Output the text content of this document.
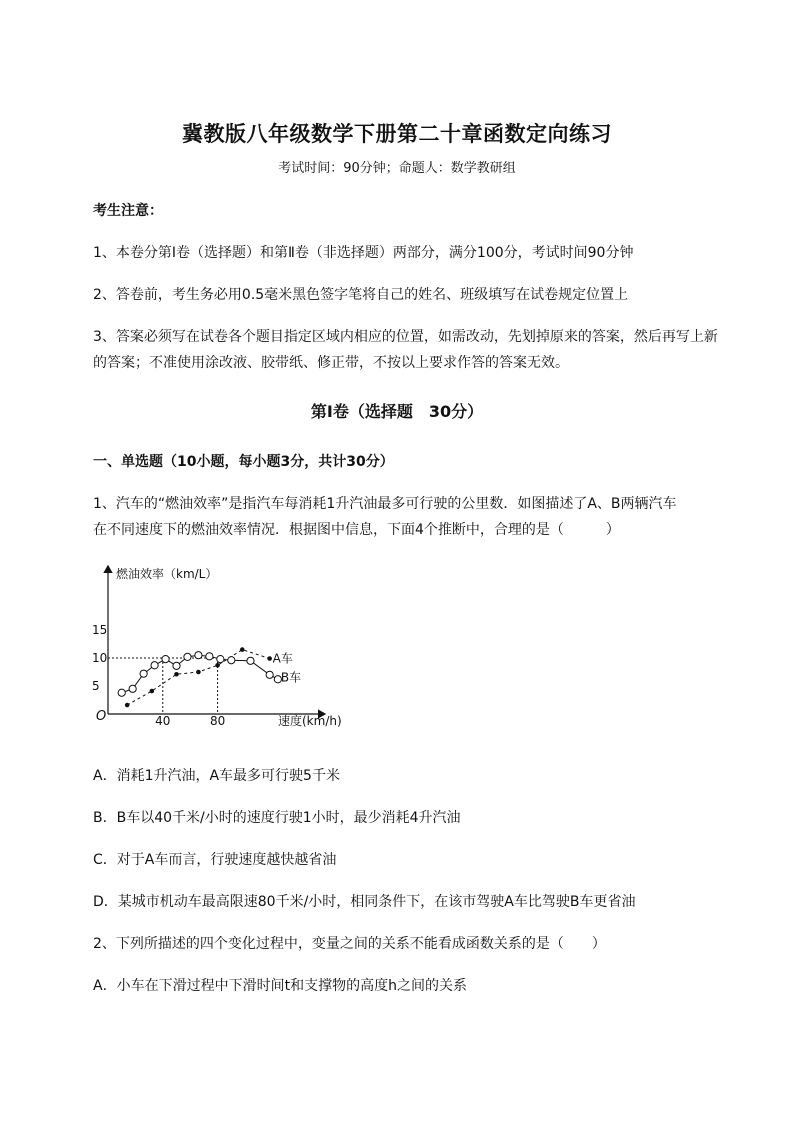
冀教版八年级数学下册第二十章函数定向练习
考试时间：90分钟；命题人：数学教研组
考生注意：
1、本卷分第Ⅰ卷（选择题）和第Ⅱ卷（非选择题）两部分，满分100分，考试时间90分钟
2、答卷前，考生务必用0.5毫米黑色签字笔将自己的姓名、班级填写在试卷规定位置上
3、答案必须写在试卷各个题目指定区域内相应的位置，如需改动，先划掉原来的答案，然后再写上新
的答案；不准使用涂改液、胶带纸、修正带，不按以上要求作答的答案无效。
第Ⅰ卷（选择题　30分）
一、单选题（10小题，每小题3分，共计30分）
1、汽车的“燃油效率”是指汽车每消耗1升汽油最多可行驶的公里数．如图描述了A、B两辆汽车
在不同速度下的燃油效率情况．根据图中信息，下面4个推断中，合理的是（　　　）
燃油效率（km/L）
速度(km/h)
O
5
10
15
40	80
A车
B车
A．消耗1升汽油，A车最多可行驶5千米
B．B车以40千米/小时的速度行驶1小时，最少消耗4升汽油
C．对于A车而言，行驶速度越快越省油
D．某城市机动车最高限速80千米/小时，相同条件下，在该市驾驶A车比驾驶B车更省油
2、下列所描述的四个变化过程中，变量之间的关系不能看成函数关系的是（　　）
A．小车在下滑过程中下滑时间t和支撑物的高度h之间的关系
